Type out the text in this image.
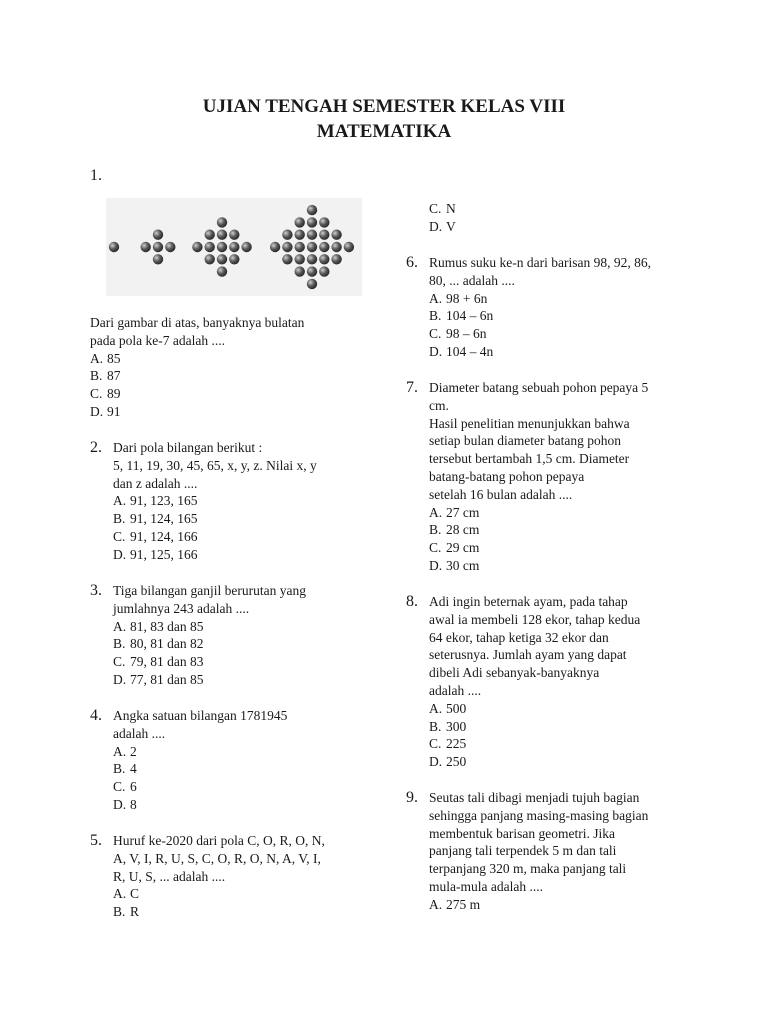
UJIAN TENGAH SEMESTER KELAS VIII
MATEMATIKA
1.
Dari gambar di atas, banyaknya bulatan
pada pola ke-7 adalah ....
A. 85
B. 87
C. 89
D. 91
2. Dari pola bilangan berikut :
5, 11, 19, 30, 45, 65, x, y, z. Nilai x, y
dan z adalah ....
A. 91, 123, 165
B. 91, 124, 165
C. 91, 124, 166
D. 91, 125, 166
3. Tiga bilangan ganjil berurutan yang
jumlahnya 243 adalah ....
A. 81, 83 dan 85
B. 80, 81 dan 82
C. 79, 81 dan 83
D. 77, 81 dan 85
4. Angka satuan bilangan 1781945
adalah ....
A. 2
B. 4
C. 6
D. 8
5. Huruf ke-2020 dari pola C, O, R, O, N,
A, V, I, R, U, S, C, O, R, O, N, A, V, I,
R, U, S, ... adalah ....
A. C
B. R
C. N
D. V
6. Rumus suku ke-n dari barisan 98, 92, 86,
80, ... adalah ....
A. 98 + 6n
B. 104 – 6n
C. 98 – 6n
D. 104 – 4n
7. Diameter batang sebuah pohon pepaya 5
cm.
Hasil penelitian menunjukkan bahwa
setiap bulan diameter batang pohon
tersebut bertambah 1,5 cm. Diameter
batang-batang pohon pepaya
setelah 16 bulan adalah ....
A. 27 cm
B. 28 cm
C. 29 cm
D. 30 cm
8. Adi ingin beternak ayam, pada tahap
awal ia membeli 128 ekor, tahap kedua
64 ekor, tahap ketiga 32 ekor dan
seterusnya. Jumlah ayam yang dapat
dibeli Adi sebanyak-banyaknya
adalah ....
A. 500
B. 300
C. 225
D. 250
9. Seutas tali dibagi menjadi tujuh bagian
sehingga panjang masing-masing bagian
membentuk barisan geometri. Jika
panjang tali terpendek 5 m dan tali
terpanjang 320 m, maka panjang tali
mula-mula adalah ....
A. 275 m
